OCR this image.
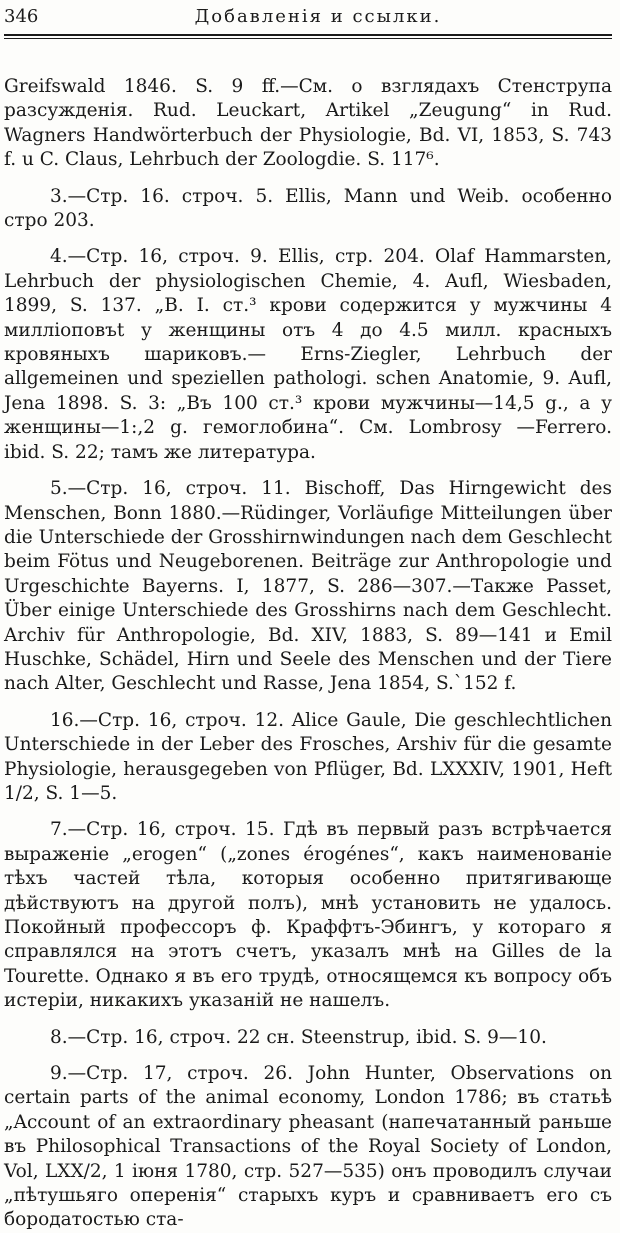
346	Добавленія и ссылки.

Greifswald 1846. S. 9 ff.—См. о взглядахъ Стенструпа разсужденія. Rud. Leuckart, Artikel „Zeugung“ in Rud. Wagners Handwörterbuch der Physiologie, Bd. VI, 1853, S. 743 f. u C. Claus, Lehrbuch der Zoologdie. S. 117⁶.

3.—Стр. 16. строч. 5. Ellis, Mann und Weib. особенно стро 203.

4.—Стр. 16, строч. 9. Ellis, стр. 204. Olaf Hammarsten, Lehrbuch der physiologischen Chemie, 4. Aufl, Wiesbaden, 1899, S. 137. „В. I. ст.³ крови содержится у мужчины 4 миллiоповъt у женщины отъ 4 до 4.5 милл. красныхъ кровяныхъ шариковъ.— Erns-Ziegler, Lehrbuch der allgemeinen und speziellen pathologi. schen Anatomie, 9. Aufl, Jena 1898. S. 3: „Въ 100 ст.³ крови мужчины—14,5 g., а у женщины—1:,2 g. гемоглобина“. См. Lombrosy —Ferrero. ibid. S. 22; тамъ же литература.

5.—Стр. 16, строч. 11. Bischoff, Das Hirngewicht des Menschen, Bonn 1880.—Rüdinger, Vorläufige Mitteilungen über die Unterschiede der Grosshirnwindungen nach dem Geschlecht beim Fötus und Neugeborenen. Beiträge zur Anthropologie und Urgeschichte Bayerns. I, 1877, S. 286—307.—Также Passet, Über einige Unterschiede des Grosshirns nach dem Geschlecht. Archiv für Anthropologie, Bd. XIV, 1883, S. 89—141 и Emil Huschke, Schädel, Hirn und Seele des Menschen und der Tiere nach Alter, Geschlecht und Rasse, Jena 1854, S.`152 f.

16.—Стр. 16, строч. 12. Alice Gaule, Die geschlechtlichen Unterschiede in der Leber des Frosches, Arshiv für die gesamte Physiologie, herausgegeben von Pflüger, Bd. LXXXIV, 1901, Heft 1/2, S. 1—5.

7.—Стр. 16, строч. 15. Гдѣ въ первый разъ встрѣчается выраженіе „erogen“ („zones érogénes“, какъ наименованіе тѣхъ частей тѣла, которыя особенно притягивающе дѣйствуютъ на другой полъ), мнѣ установить не удалось. Покойный профессоръ ф. Краффтъ-Эбингъ, у котораго я справлялся на этотъ счетъ, указалъ мнѣ на Gilles de la Tourette. Однако я въ его трудѣ, относящемся къ вопросу объ истеріи, никакихъ указаній не нашелъ.

8.—Стр. 16, строч. 22 сн. Steenstrup, ibid. S. 9—10.

9.—Стр. 17, строч. 26. John Hunter, Observations on certain parts of the animal economy, London 1786; въ статьѣ „Account of an extraordinary pheasant (напечатанный раньше въ Philosophical Transactions of the Royal Society of London, Vol, LXX/2, 1 іюня 1780, стр. 527—535) онъ проводилъ случаи „пѣтушьяго оперенія“ старыхъ куръ и сравниваетъ его съ бородатостью ста-
